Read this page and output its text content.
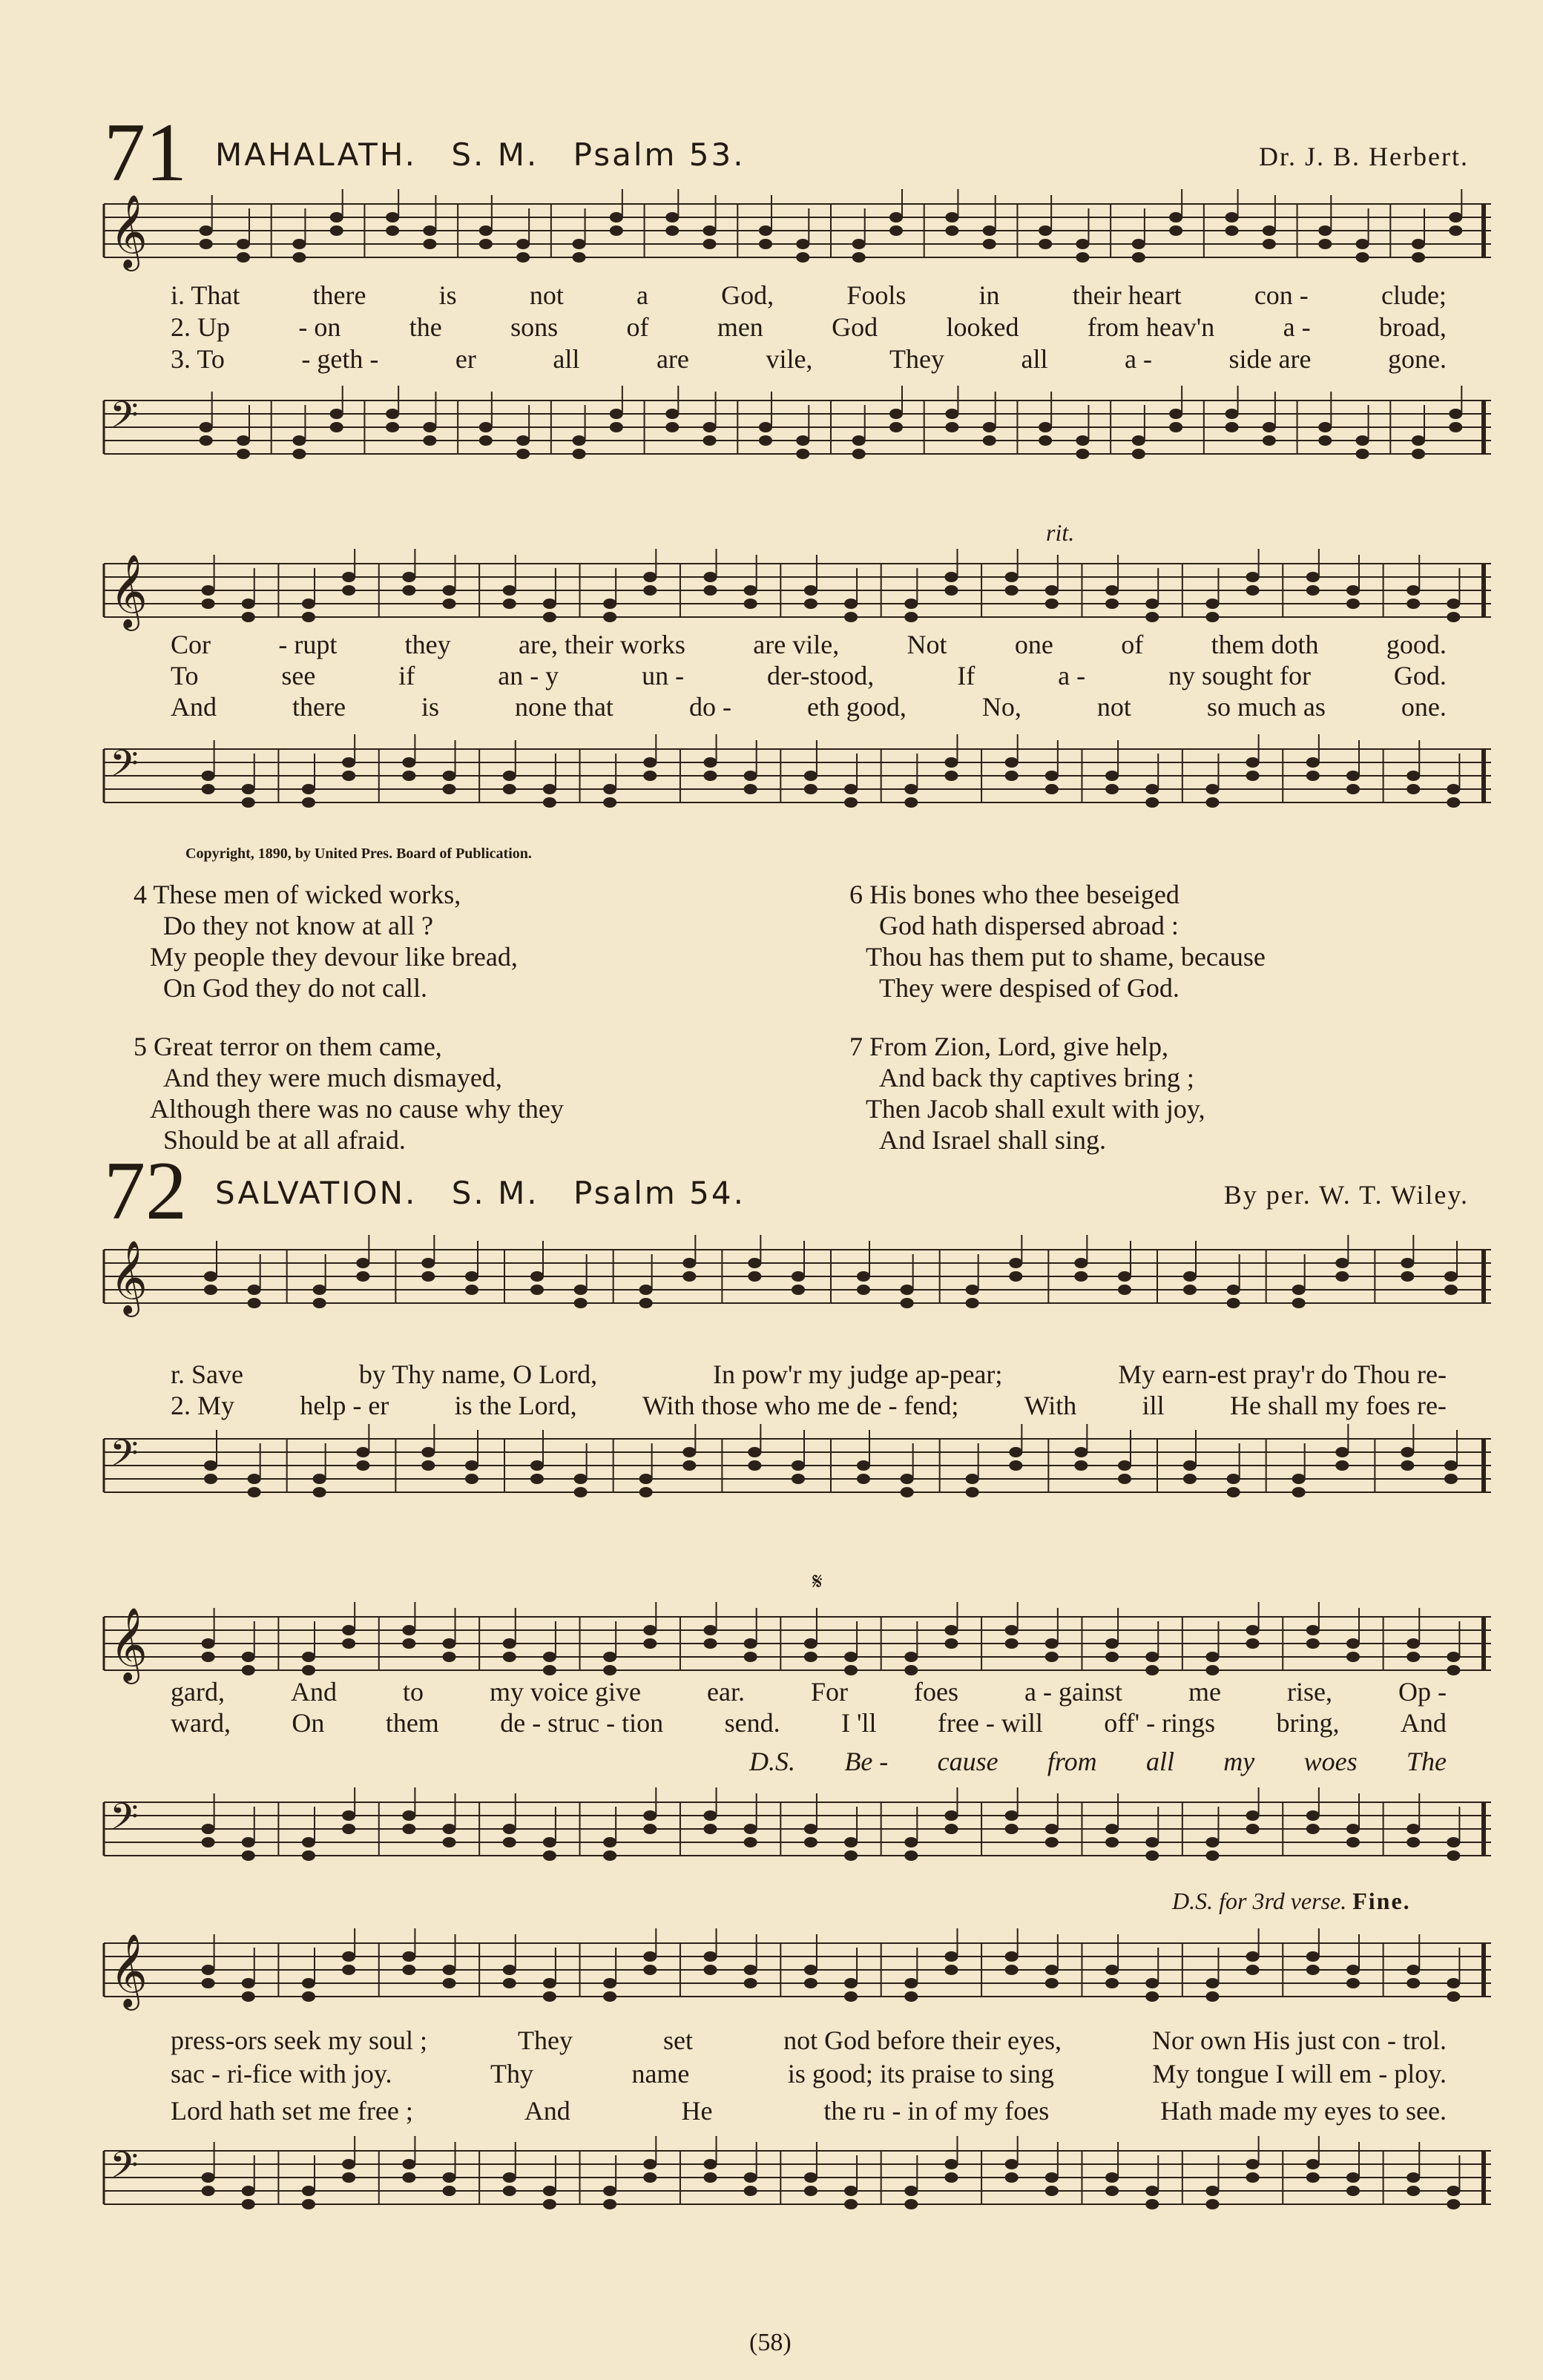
71 MAHALATH. S. M. Psalm 53.	Dr. J. B. Herbert.
𝄞
i. That	there	is	not	a	God,	Fools	in	their heart	con -	clude;
2. Up	- on	the	sons	of	men	God	looked	from heav'n	a -	broad,
3. To	- geth -	er	all	are	vile,	They	all	a -	side are	gone.
𝄢
rit.
𝄞
Cor	- rupt	they	are, their works	are vile,	Not	one	of	them doth	good.
To	see	if	an - y	un -	der-stood,	If	a -	ny sought for	God.
And	there	is	none that	do -	eth good,	No,	not	so much as	one.
𝄢
Copyright, 1890, by United Pres. Board of Publication.
4 These men of wicked works,
Do they not know at all ?
My people they devour like bread,
On God they do not call.
5 Great terror on them came,
And they were much dismayed,
Although there was no cause why they
Should be at all afraid.
6 His bones who thee beseiged
God hath dispersed abroad :
Thou has them put to shame, because
They were despised of God.
7 From Zion, Lord, give help,
And back thy captives bring ;
Then Jacob shall exult with joy,
And Israel shall sing.
72 SALVATION. S. M. Psalm 54.	By per. W. T. Wiley.
𝄞
r. Save	by Thy name, O Lord,	In pow'r my judge ap-pear;	My earn-est pray'r do Thou re-
2. My help - er is the Lord, With those who me de - fend; With ill He shall my foes re-
𝄢
𝄋
𝄞
gard, And to my voice give ear. For foes a - gainst me rise, Op -
ward, On them de - struc - tion send. I 'll free - will off' - rings bring, And
D.S. Be - cause from all my woes The
𝄢
D.S. for 3rd verse. Fine.
𝄞
press-ors seek my soul ;	They	set	not God before their eyes,	Nor own His just con - trol.
sac - ri-fice with joy.	Thy	name	is good; its praise to sing	My tongue I will em - ploy.
Lord hath set me free ;	And	He	the ru - in of my foes	Hath made my eyes to see.
𝄢
(58)
